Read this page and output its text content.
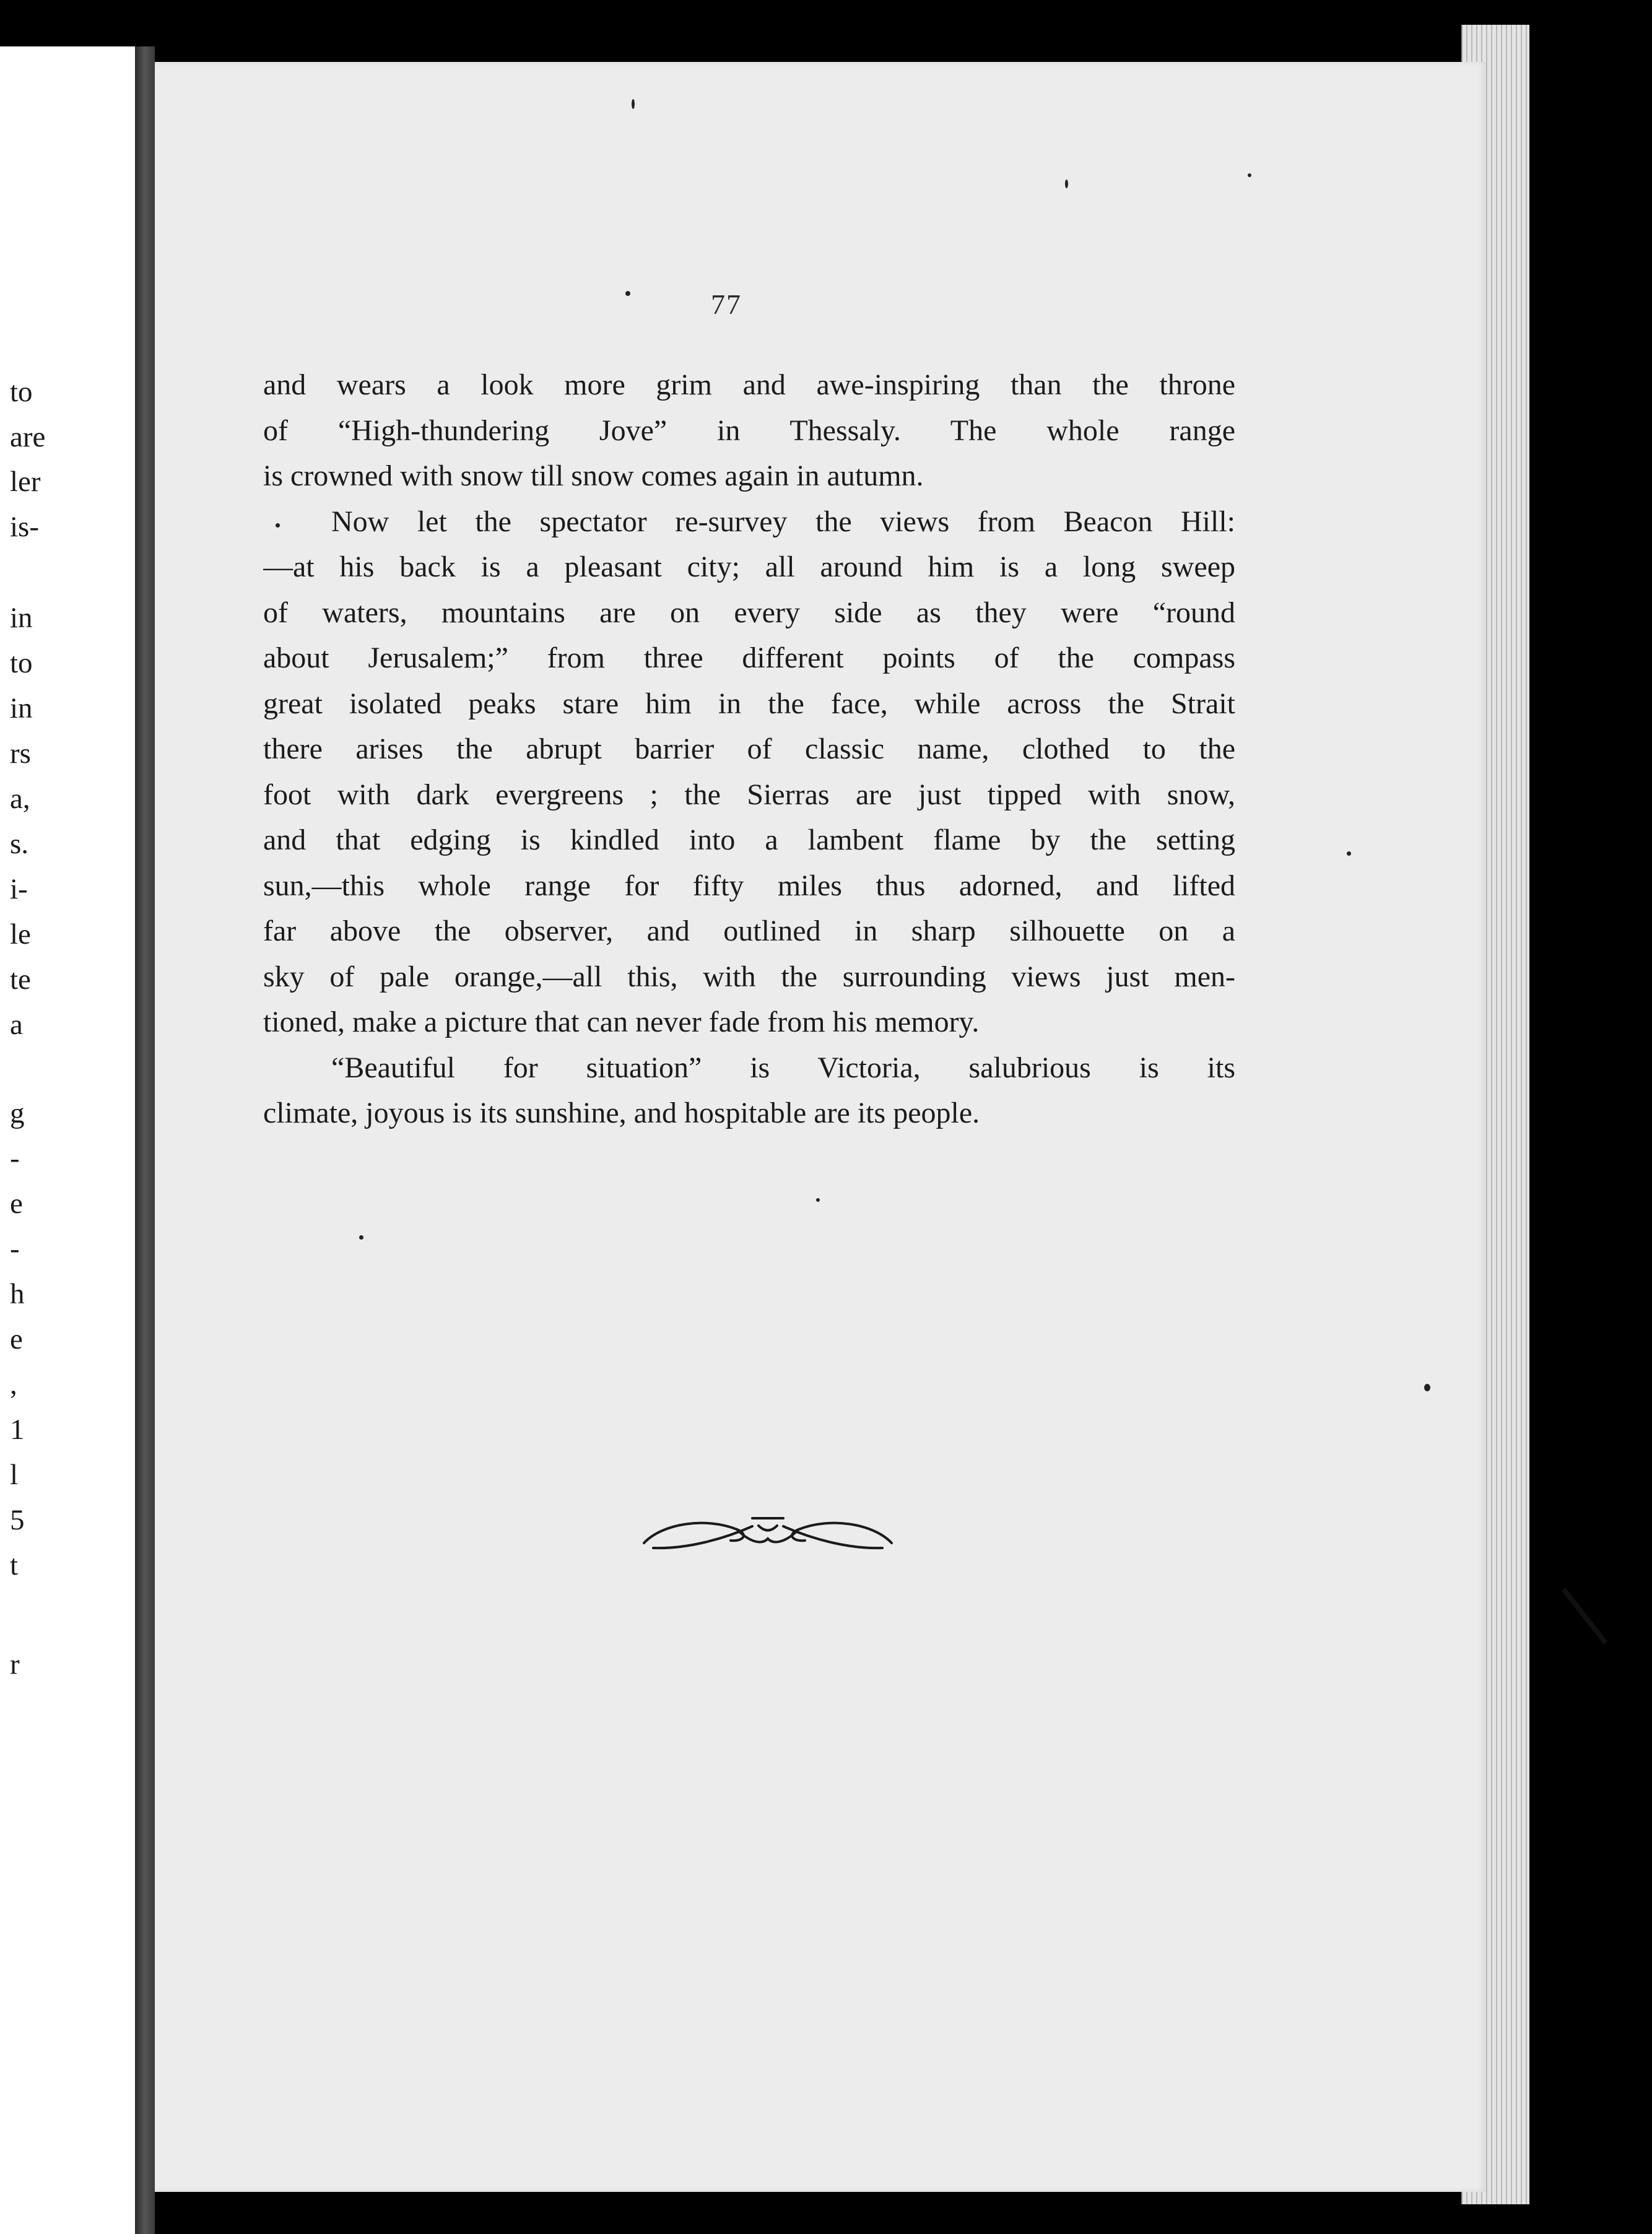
to
are
ler
is-
in
to
in
rs
a,
s.
i-
le
te
a
g
-
e
-
h
e
,
1
l
5
t
r
77
and wears a look more grim and awe-inspiring than the throne
of “High-thundering Jove” in Thessaly. The whole range
is crowned with snow till snow comes again in autumn.
Now let the spectator re-survey the views from Beacon Hill:
—at his back is a pleasant city; all around him is a long sweep
of waters, mountains are on every side as they were “round
about Jerusalem;” from three different points of the compass
great isolated peaks stare him in the face, while across the Strait
there arises the abrupt barrier of classic name, clothed to the
foot with dark evergreens ; the Sierras are just tipped with snow,
and that edging is kindled into a lambent flame by the setting
sun,—this whole range for fifty miles thus adorned, and lifted
far above the observer, and outlined in sharp silhouette on a
sky of pale orange,—all this, with the surrounding views just men-
tioned, make a picture that can never fade from his memory.
“Beautiful for situation” is Victoria, salubrious is its
climate, joyous is its sunshine, and hospitable are its people.
